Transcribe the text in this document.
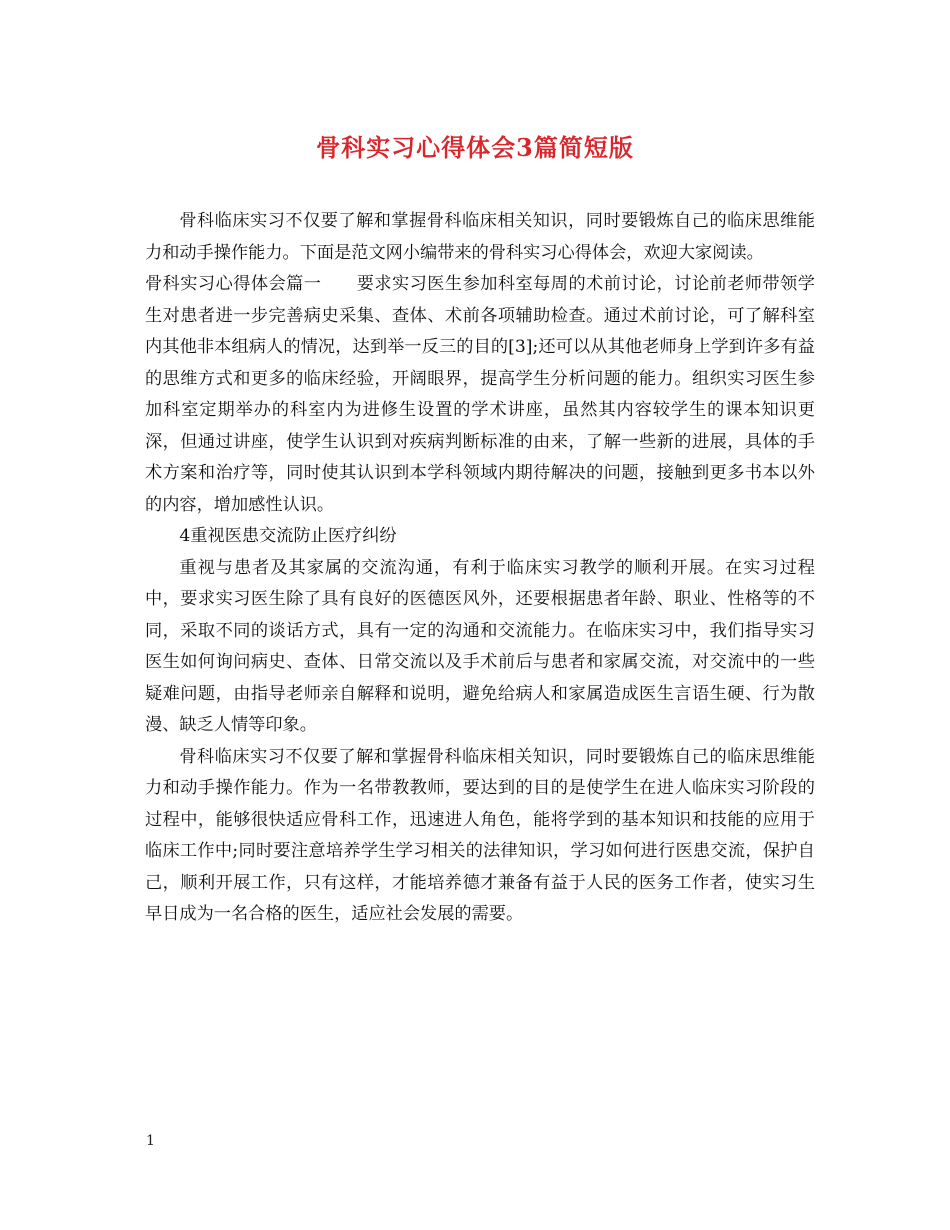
骨科实习心得体会3篇简短版

骨科临床实习不仅要了解和掌握骨科临床相关知识，同时要锻炼自己的临床思维能力和动手操作能力。下面是范文网小编带来的骨科实习心得体会，欢迎大家阅读。

骨科实习心得体会篇一　　要求实习医生参加科室每周的术前讨论，讨论前老师带领学生对患者进一步完善病史采集、查体、术前各项辅助检查。通过术前讨论，可了解科室内其他非本组病人的情况，达到举一反三的目的[3];还可以从其他老师身上学到许多有益的思维方式和更多的临床经验，开阔眼界，提高学生分析问题的能力。组织实习医生参加科室定期举办的科室内为进修生设置的学术讲座，虽然其内容较学生的课本知识更深，但通过讲座，使学生认识到对疾病判断标准的由来，了解一些新的进展，具体的手术方案和治疗等，同时使其认识到本学科领域内期待解决的问题，接触到更多书本以外的内容，增加感性认识。

4重视医患交流防止医疗纠纷

重视与患者及其家属的交流沟通，有利于临床实习教学的顺利开展。在实习过程中，要求实习医生除了具有良好的医德医风外，还要根据患者年龄、职业、性格等的不同，采取不同的谈话方式，具有一定的沟通和交流能力。在临床实习中，我们指导实习医生如何询问病史、查体、日常交流以及手术前后与患者和家属交流，对交流中的一些疑难问题，由指导老师亲自解释和说明，避免给病人和家属造成医生言语生硬、行为散漫、缺乏人情等印象。

骨科临床实习不仅要了解和掌握骨科临床相关知识，同时要锻炼自己的临床思维能力和动手操作能力。作为一名带教教师，要达到的目的是使学生在进人临床实习阶段的过程中，能够很快适应骨科工作，迅速进人角色，能将学到的基本知识和技能的应用于临床工作中;同时要注意培养学生学习相关的法律知识，学习如何进行医患交流，保护自己，顺利开展工作，只有这样，才能培养德才兼备有益于人民的医务工作者，使实习生早日成为一名合格的医生，适应社会发展的需要。

1
